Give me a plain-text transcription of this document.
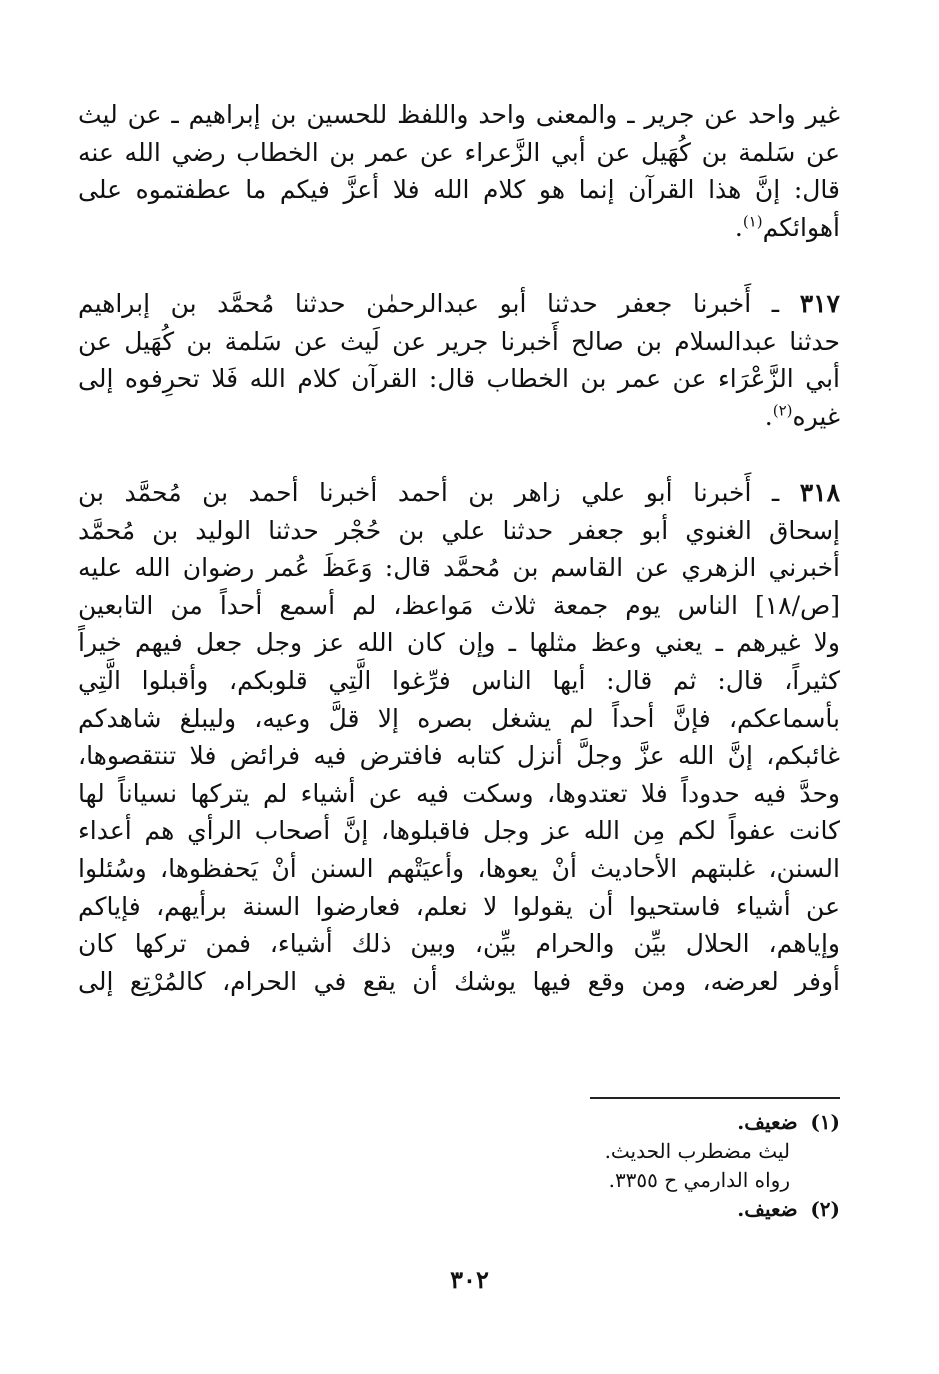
غير واحد عن جرير ـ والمعنى واحد واللفظ للحسين بن إبراهيم ـ عن ليث
عن سَلمة بن كُهَيل عن أبي الزَّعراء عن عمر بن الخطاب رضي الله عنه
قال: إنَّ هذا القرآن إنما هو كلام الله فلا أعزَّ فيكم ما عطفتموه على
أهوائكم$^{(١)}$.
٣١٧ ـ أَخبرنا جعفر حدثنا أبو عبدالرحمٰن حدثنا مُحمَّد بن إبراهيم
حدثنا عبدالسلام بن صالح أَخبرنا جرير عن لَيث عن سَلمة بن كُهَيل عن
أبي الزَّعْرَاء عن عمر بن الخطاب قال: القرآن كلام الله فَلا تحرِفوه إلى
غيره$^{(٢)}$.
٣١٨ ـ أَخبرنا أبو علي زاهر بن أحمد أخبرنا أحمد بن مُحمَّد بن
إسحاق الغنوي أبو جعفر حدثنا علي بن حُجْر حدثنا الوليد بن مُحمَّد
أخبرني الزهري عن القاسم بن مُحمَّد قال: وَعَظَ عُمر رضوان الله عليه
[ص/١٨] الناس يوم جمعة ثلاث مَواعظ، لم أسمع أحداً من التابعين
ولا غيرهم ـ يعني وعظ مثلها ـ وإن كان الله عز وجل جعل فيهم خيراً
كثيراً، قال: ثم قال: أيها الناس فرِّغوا الَّتِي قلوبكم، وأقبلوا الَّتِي
بأسماعكم، فإنَّ أحداً لم يشغل بصره إلا قلَّ وعيه، وليبلغ شاهدكم
غائبكم، إنَّ الله عزَّ وجلَّ أنزل كتابه فافترض فيه فرائض فلا تنتقصوها،
وحدَّ فيه حدوداً فلا تعتدوها، وسكت فيه عن أشياء لم يتركها نسياناً لها
كانت عفواً لكم مِن الله عز وجل فاقبلوها، إنَّ أصحاب الرأي هم أعداء
السنن، غلبتهم الأحاديث أنْ يعوها، وأعيَتْهم السنن أنْ يَحفظوها، وسُئلوا
عن أشياء فاستحيوا أن يقولوا لا نعلم، فعارضوا السنة برأيهم، فإياكم
وإياهم، الحلال بيِّن والحرام بيِّن، وبين ذلك أشياء، فمن تركها كان
أوفر لعرضه، ومن وقع فيها يوشك أن يقع في الحرام، كالمُرْتِع إلى
(١) ضعيف.
ليث مضطرب الحديث.
رواه الدارمي ح ٣٣٥٥.
(٢) ضعيف.
٣٠٢
